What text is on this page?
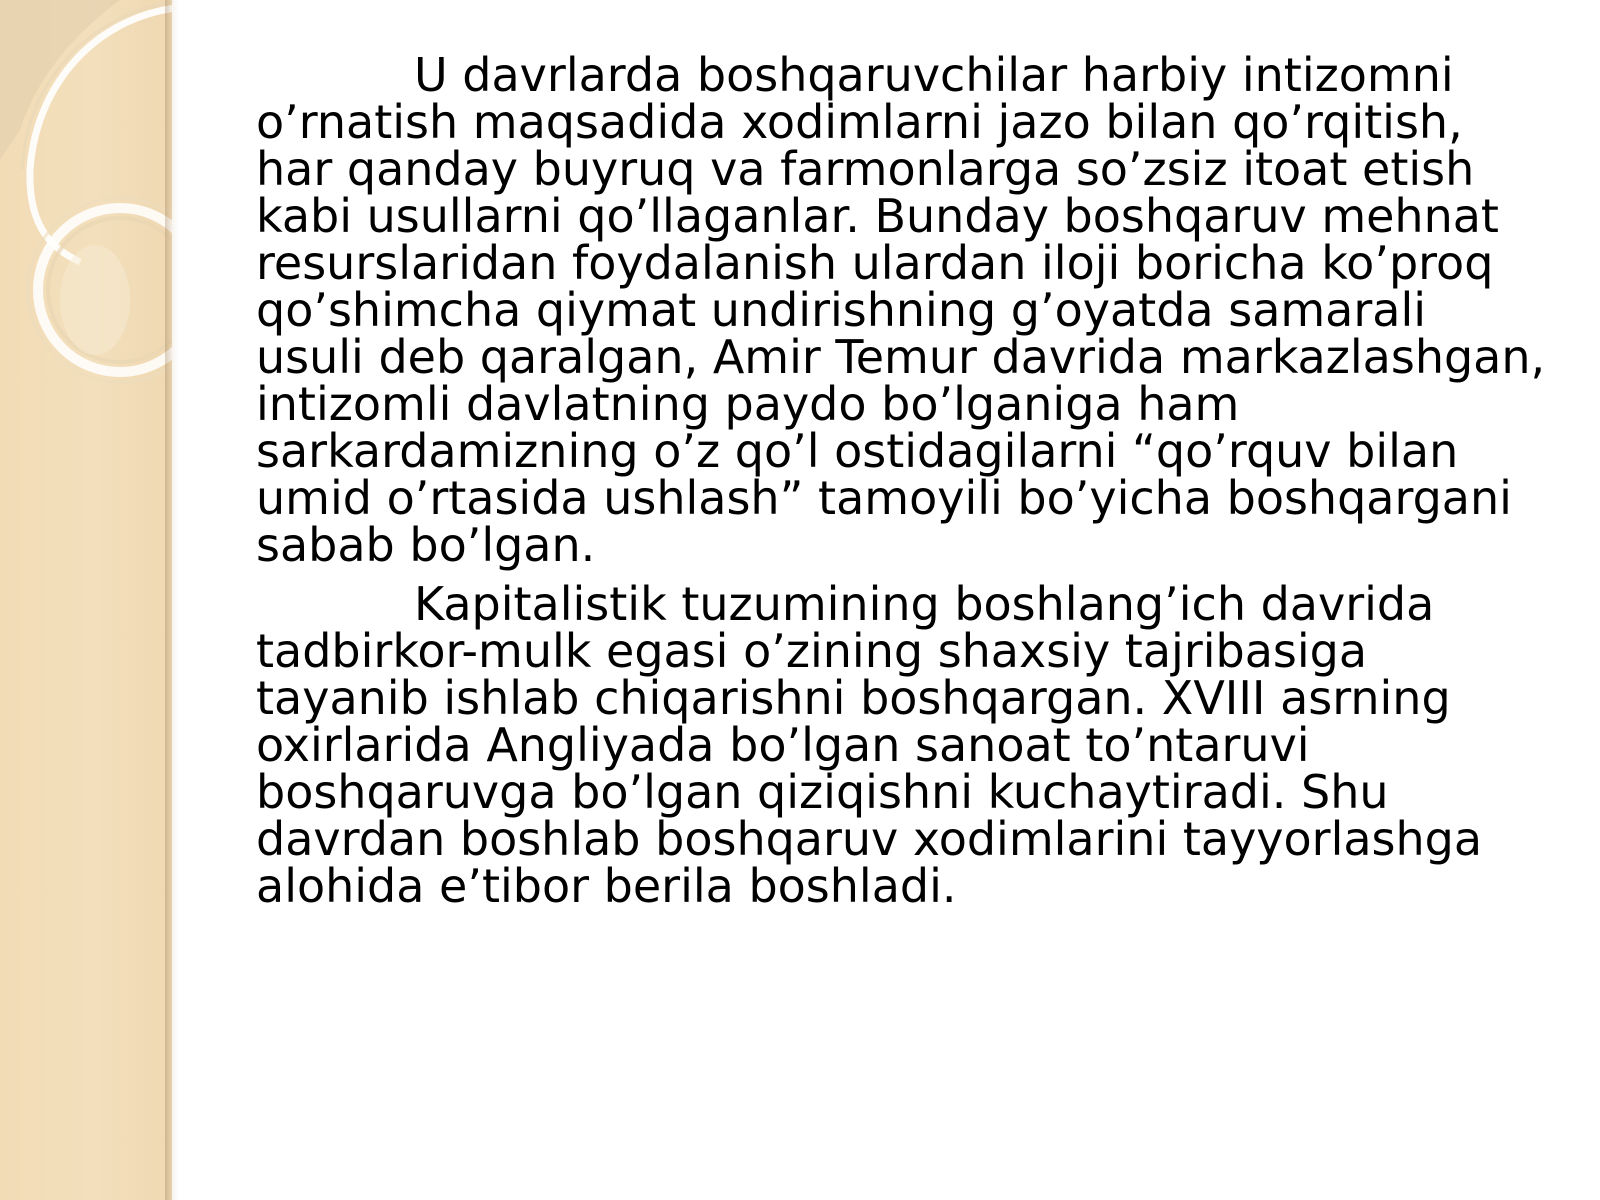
U davrlarda boshqaruvchilar harbiy intizomni o’rnatish maqsadida xodimlarni jazo bilan qo’rqitish, har qanday buyruq va farmonlarga so’zsiz itoat etish kabi usullarni qo’llaganlar. Bunday boshqaruv mehnat resurslaridan foydalanish ulardan iloji boricha ko’proq qo’shimcha qiymat undirishning g’oyatda samarali usuli deb qaralgan, Amir Temur davrida markazlashgan, intizomli davlatning paydo bo’lganiga ham sarkardamizning o’z qo’l ostidagilarni “qo’rquv bilan umid o’rtasida ushlash” tamoyili bo’yicha boshqargani sabab bo’lgan.

Kapitalistik tuzumining boshlang’ich davrida tadbirkor-mulk egasi o’zining shaxsiy tajribasiga tayanib ishlab chiqarishni boshqargan. XVIII asrning oxirlarida Angliyada bo’lgan sanoat to’ntaruvi boshqaruvga bo’lgan qiziqishni kuchaytiradi. Shu davrdan boshlab boshqaruv xodimlarini tayyorlashga alohida e’tibor berila boshladi.
